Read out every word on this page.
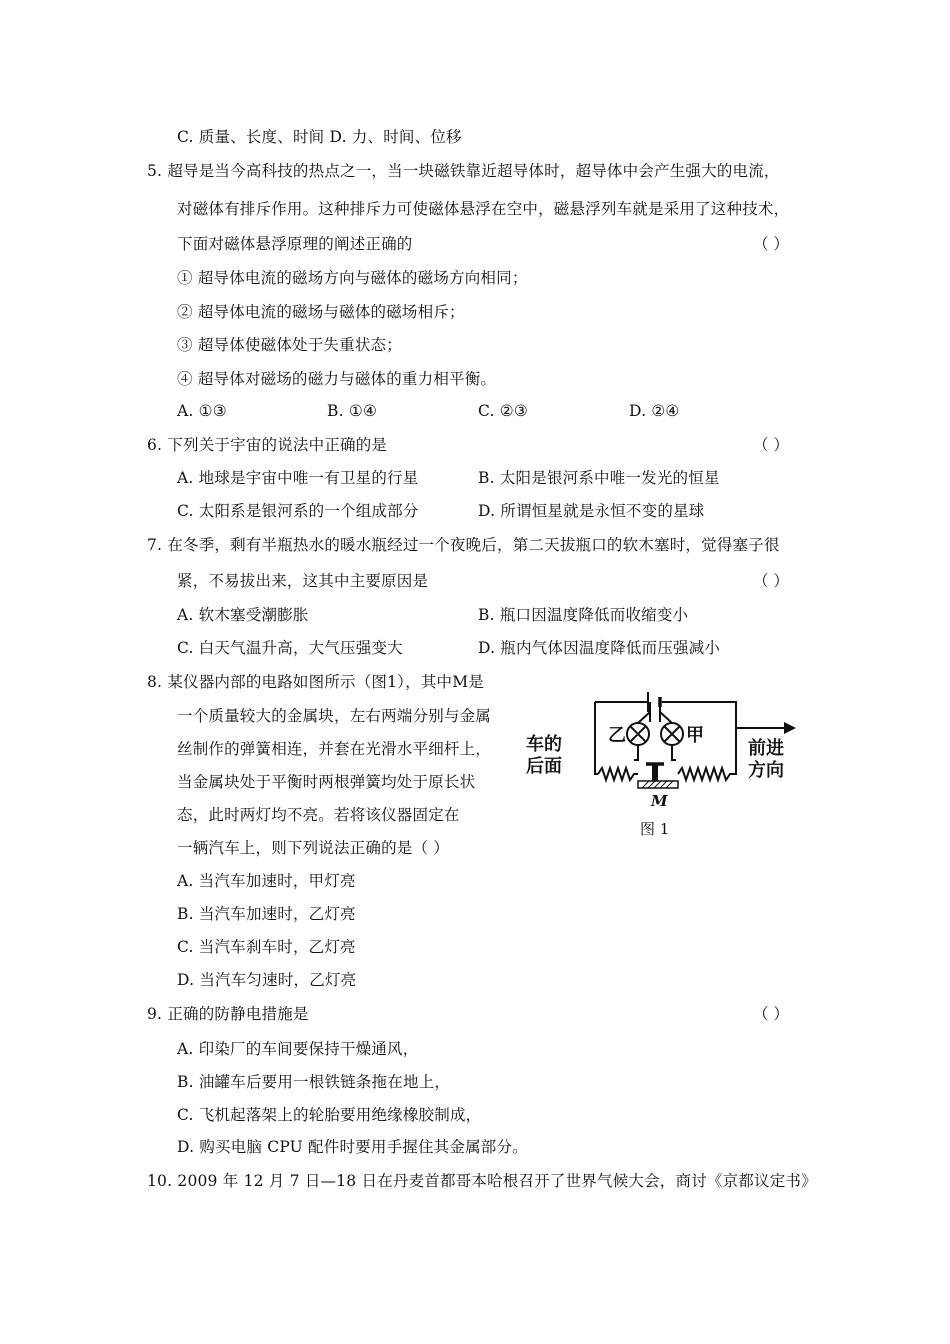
C. 质量、长度、时间 D. 力、时间、位移
5. 超导是当今高科技的热点之一，当一块磁铁靠近超导体时，超导体中会产生强大的电流，
对磁体有排斥作用。这种排斥力可使磁体悬浮在空中，磁悬浮列车就是采用了这种技术，
下面对磁体悬浮原理的阐述正确的	（ ）
① 超导体电流的磁场方向与磁体的磁场方向相同；
② 超导体电流的磁场与磁体的磁场相斥；
③ 超导体使磁体处于失重状态；
④ 超导体对磁场的磁力与磁体的重力相平衡。
A. ①③	B. ①④	C. ②③	D. ②④
6. 下列关于宇宙的说法中正确的是	（ ）
A. 地球是宇宙中唯一有卫星的行星	B. 太阳是银河系中唯一发光的恒星
C. 太阳系是银河系的一个组成部分	D. 所谓恒星就是永恒不变的星球
7. 在冬季，剩有半瓶热水的暖水瓶经过一个夜晚后，第二天拔瓶口的软木塞时，觉得塞子很
紧，不易拔出来，这其中主要原因是	（ ）
A. 软木塞受潮膨胀	B. 瓶口因温度降低而收缩变小
C. 白天气温升高，大气压强变大	D. 瓶内气体因温度降低而压强减小
8. 某仪器内部的电路如图所示（图1），其中M是
一个质量较大的金属块，左右两端分别与金属
丝制作的弹簧相连，并套在光滑水平细杆上，
当金属块处于平衡时两根弹簧均处于原长状
态，此时两灯均不亮。若将该仪器固定在
一辆汽车上，则下列说法正确的是（ ）
A. 当汽车加速时，甲灯亮
B. 当汽车加速时，乙灯亮
C. 当汽车刹车时，乙灯亮
D. 当汽车匀速时，乙灯亮
车的
后面
前进
方向
乙	甲
M
图 1
9. 正确的防静电措施是	（ ）
A. 印染厂的车间要保持干燥通风，
B. 油罐车后要用一根铁链条拖在地上，
C. 飞机起落架上的轮胎要用绝缘橡胶制成，
D. 购买电脑 CPU 配件时要用手握住其金属部分。
10. 2009 年 12 月 7 日—18 日在丹麦首都哥本哈根召开了世界气候大会，商讨《京都议定书》
